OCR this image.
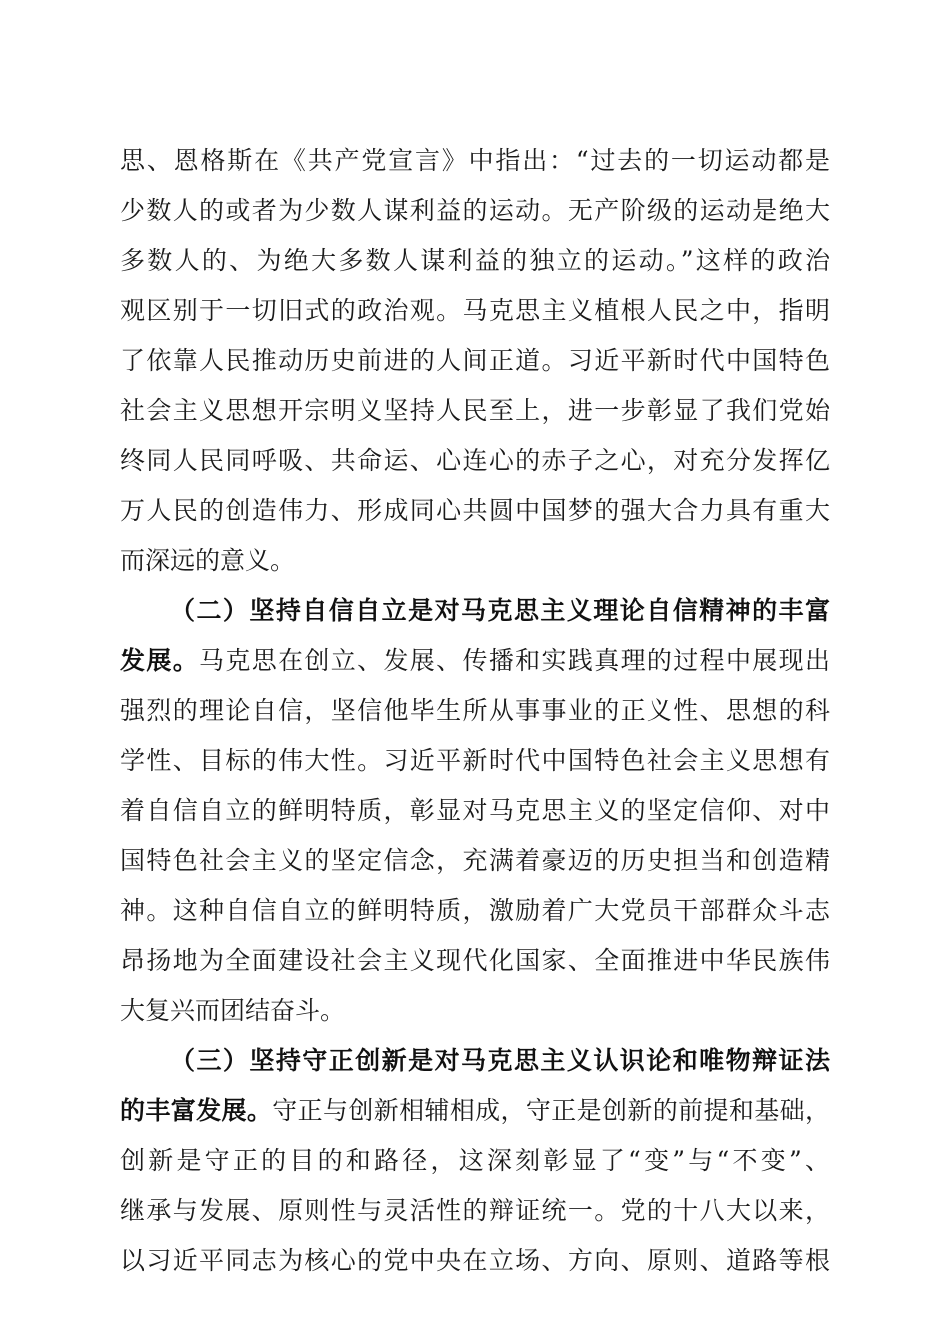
思、恩格斯在《共产党宣言》中指出：“过去的一切运动都是
少数人的或者为少数人谋利益的运动。无产阶级的运动是绝大
多数人的、为绝大多数人谋利益的独立的运动。”这样的政治
观区别于一切旧式的政治观。马克思主义植根人民之中，指明
了依靠人民推动历史前进的人间正道。习近平新时代中国特色
社会主义思想开宗明义坚持人民至上，进一步彰显了我们党始
终同人民同呼吸、共命运、心连心的赤子之心，对充分发挥亿
万人民的创造伟力、形成同心共圆中国梦的强大合力具有重大
而深远的意义。
（二）坚持自信自立是对马克思主义理论自信精神的丰富
发展。马克思在创立、发展、传播和实践真理的过程中展现出
强烈的理论自信，坚信他毕生所从事事业的正义性、思想的科
学性、目标的伟大性。习近平新时代中国特色社会主义思想有
着自信自立的鲜明特质，彰显对马克思主义的坚定信仰、对中
国特色社会主义的坚定信念，充满着豪迈的历史担当和创造精
神。这种自信自立的鲜明特质，激励着广大党员干部群众斗志
昂扬地为全面建设社会主义现代化国家、全面推进中华民族伟
大复兴而团结奋斗。
（三）坚持守正创新是对马克思主义认识论和唯物辩证法
的丰富发展。守正与创新相辅相成，守正是创新的前提和基础，
创新是守正的目的和路径，这深刻彰显了“变”与“不变”、
继承与发展、原则性与灵活性的辩证统一。党的十八大以来，
以习近平同志为核心的党中央在立场、方向、原则、道路等根
